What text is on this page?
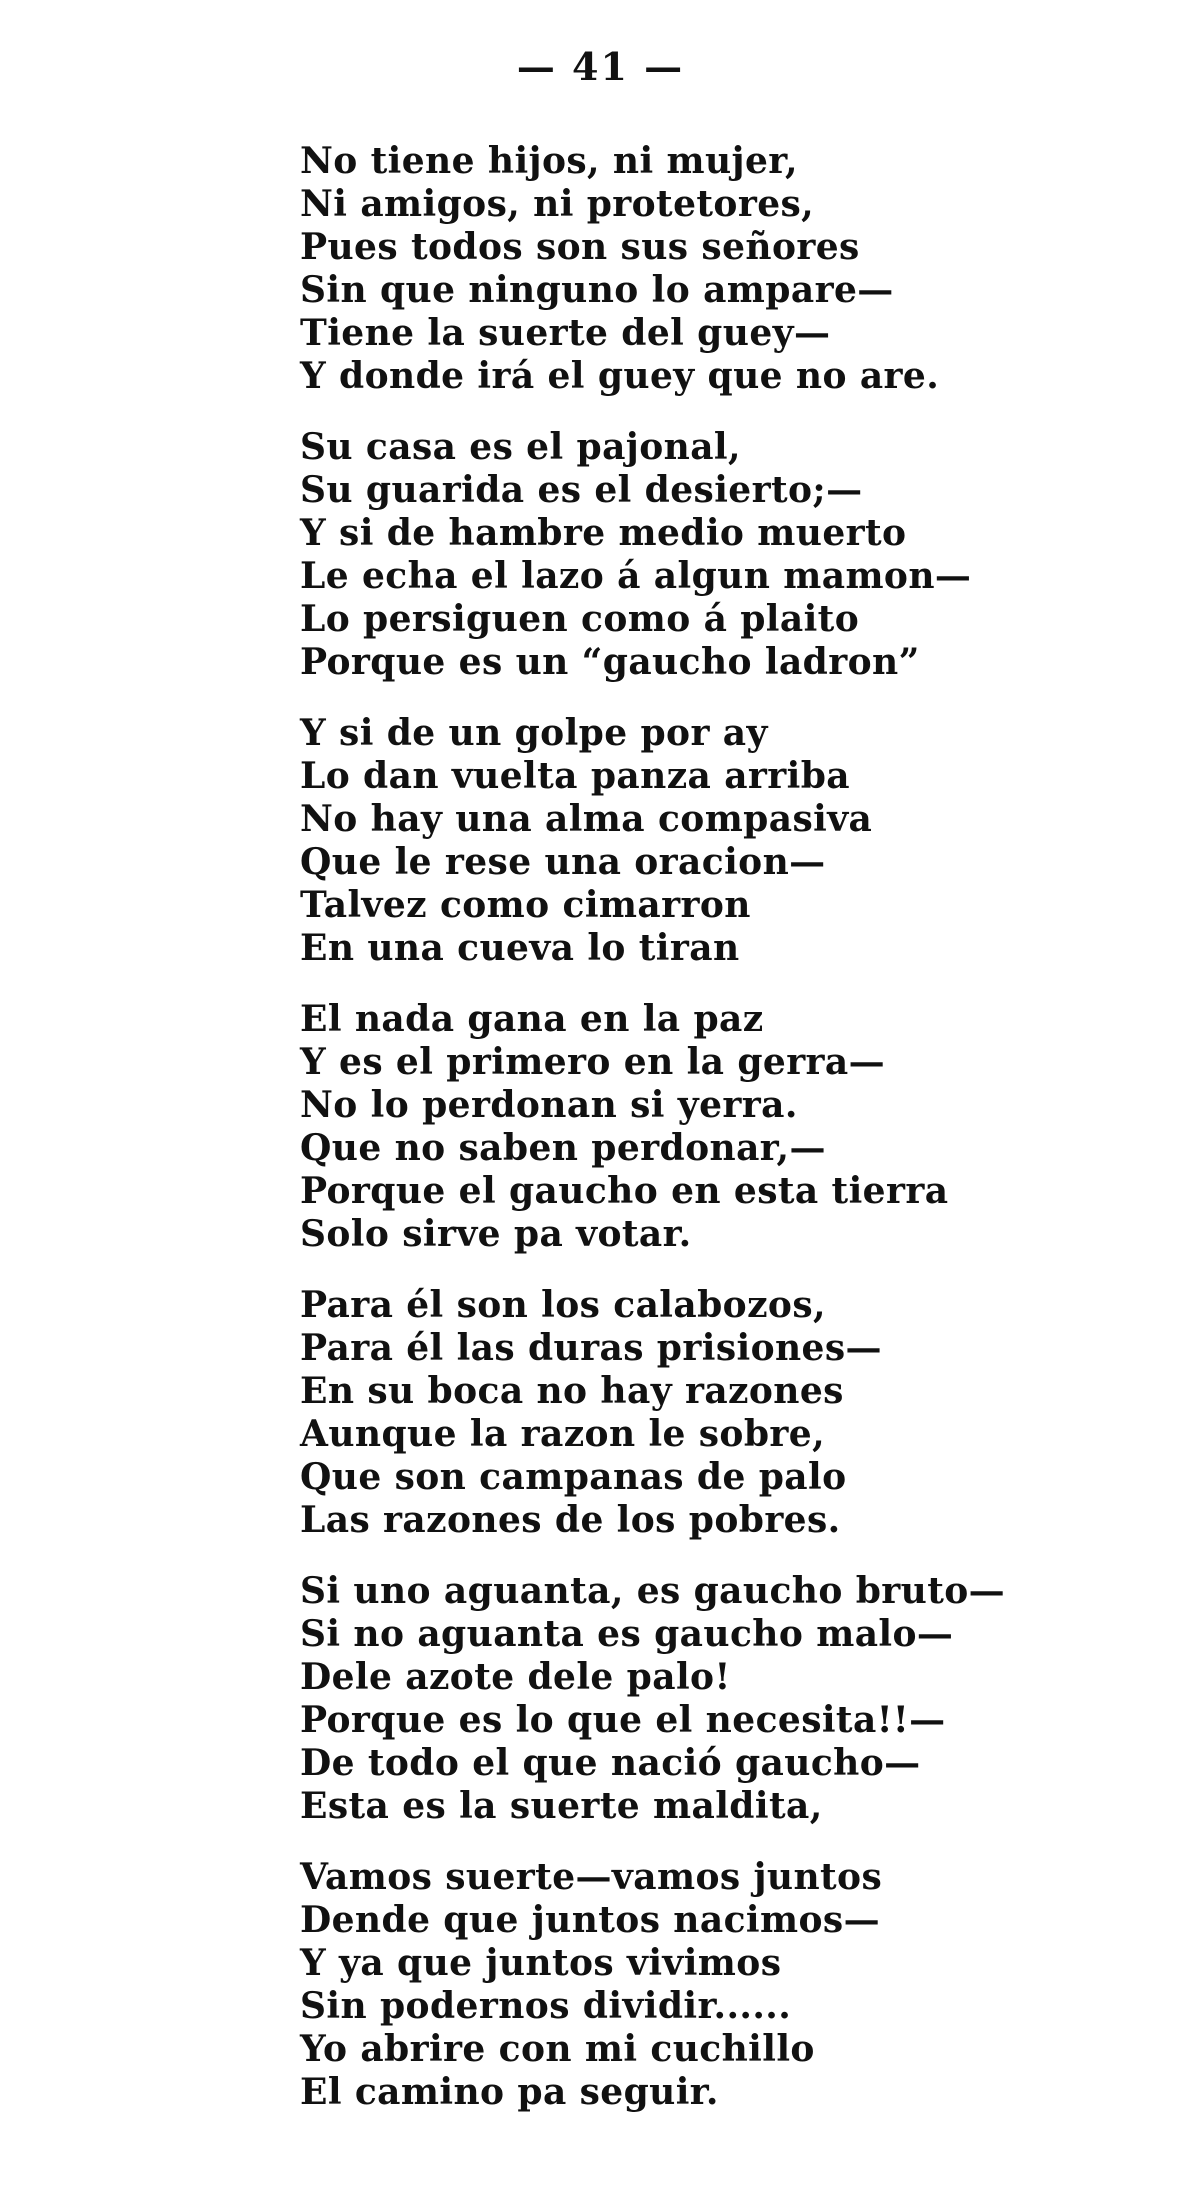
— 41 —
No tiene hijos, ni mujer,
Ni amigos, ni protetores,
Pues todos son sus señores
Sin que ninguno lo ampare—
Tiene la suerte del guey—
Y donde irá el guey que no are.
Su casa es el pajonal,
Su guarida es el desierto;—
Y si de hambre medio muerto
Le echa el lazo á algun mamon—
Lo persiguen como á plaito
Porque es un “gaucho ladron”
Y si de un golpe por ay
Lo dan vuelta panza arriba
No hay una alma compasiva
Que le rese una oracion—
Talvez como cimarron
En una cueva lo tiran
El nada gana en la paz
Y es el primero en la gerra—
No lo perdonan si yerra.
Que no saben perdonar,—
Porque el gaucho en esta tierra
Solo sirve pa votar.
Para él son los calabozos,
Para él las duras prisiones—
En su boca no hay razones
Aunque la razon le sobre,
Que son campanas de palo
Las razones de los pobres.
Si uno aguanta, es gaucho bruto—
Si no aguanta es gaucho malo—
Dele azote dele palo!
Porque es lo que el necesita!!—
De todo el que nació gaucho—
Esta es la suerte maldita,
Vamos suerte—vamos juntos
Dende que juntos nacimos—
Y ya que juntos vivimos
Sin podernos dividir......
Yo abrire con mi cuchillo
El camino pa seguir.
